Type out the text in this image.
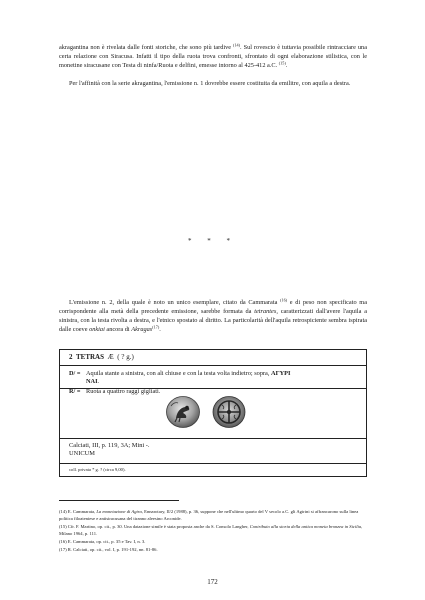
akragantina non è rivelata dalle fonti storiche, che sono più tardive $^{(14)}$. Sul rovescio è tuttavia possibile rintracciare una certa relazione con Siracusa. Infatti il tipo della ruota trova confronti, sfrontato di ogni elaborazione stilistica, con le monetine siracusane con Testa di ninfa/Ruota e delfini, emesse intorno al 425-412 a.C. $^{(15)}$.

Per l'affinità con la serie akragantina, l'emissione n. 1 dovrebbe essere costituita da emilitre, con aquila a destra.

* * *

L'emissione n. 2, della quale è noto un unico esemplare, citato da Cammarata $^{(16)}$ e di peso non specificato ma corrispondente alla metà della precedente emissione, sarebbe formata da tetrantes, caratterizzati dall'avere l'aquila a sinistra, con la testa rivolta a destra, e l'etnico spostato al diritto. La particolarità dell'aquila retrospiciente sembra ispirata dalle coeve onkiai ancora di Akragas$^{(17)}$.

2 TETRAS Æ ( ? g.)
D/ = Aquila stante a sinistra, con ali chiuse e con la testa volta indietro; sopra, ΑΓΥΡΙ
ΝΑΙ.
R/ = Ruota a quattro raggi gigliati.
Calciati, III, p. 119, 3A; Mini -.
UNICUM
coll. privata * g. ? (circa 9,00).

(14) E. Cammarata, La monetazione di Agira, Ennarotary, II/2 (1988), p. 36, suppone che nell'ultimo quarto del V secolo a.C. gli Agirini si affrancarono sulla linea politica filoateniese e antisiracusana del tiranno aleesino Arconide.

(15) Cfr. F. Martino, op. cit., p. 30. Una datazione simile è stata proposta anche da S. Consolo Langher, Contributo alla storia della antica moneta bronzea in Sicilia, Milano 1964, p. 111.

(16) E. Cammarata, op. cit., p. 35 e Tav. I, n. 3.

(17) R. Calciati, op. cit., vol. I, p. 191-192, nn. 81-86.

172
